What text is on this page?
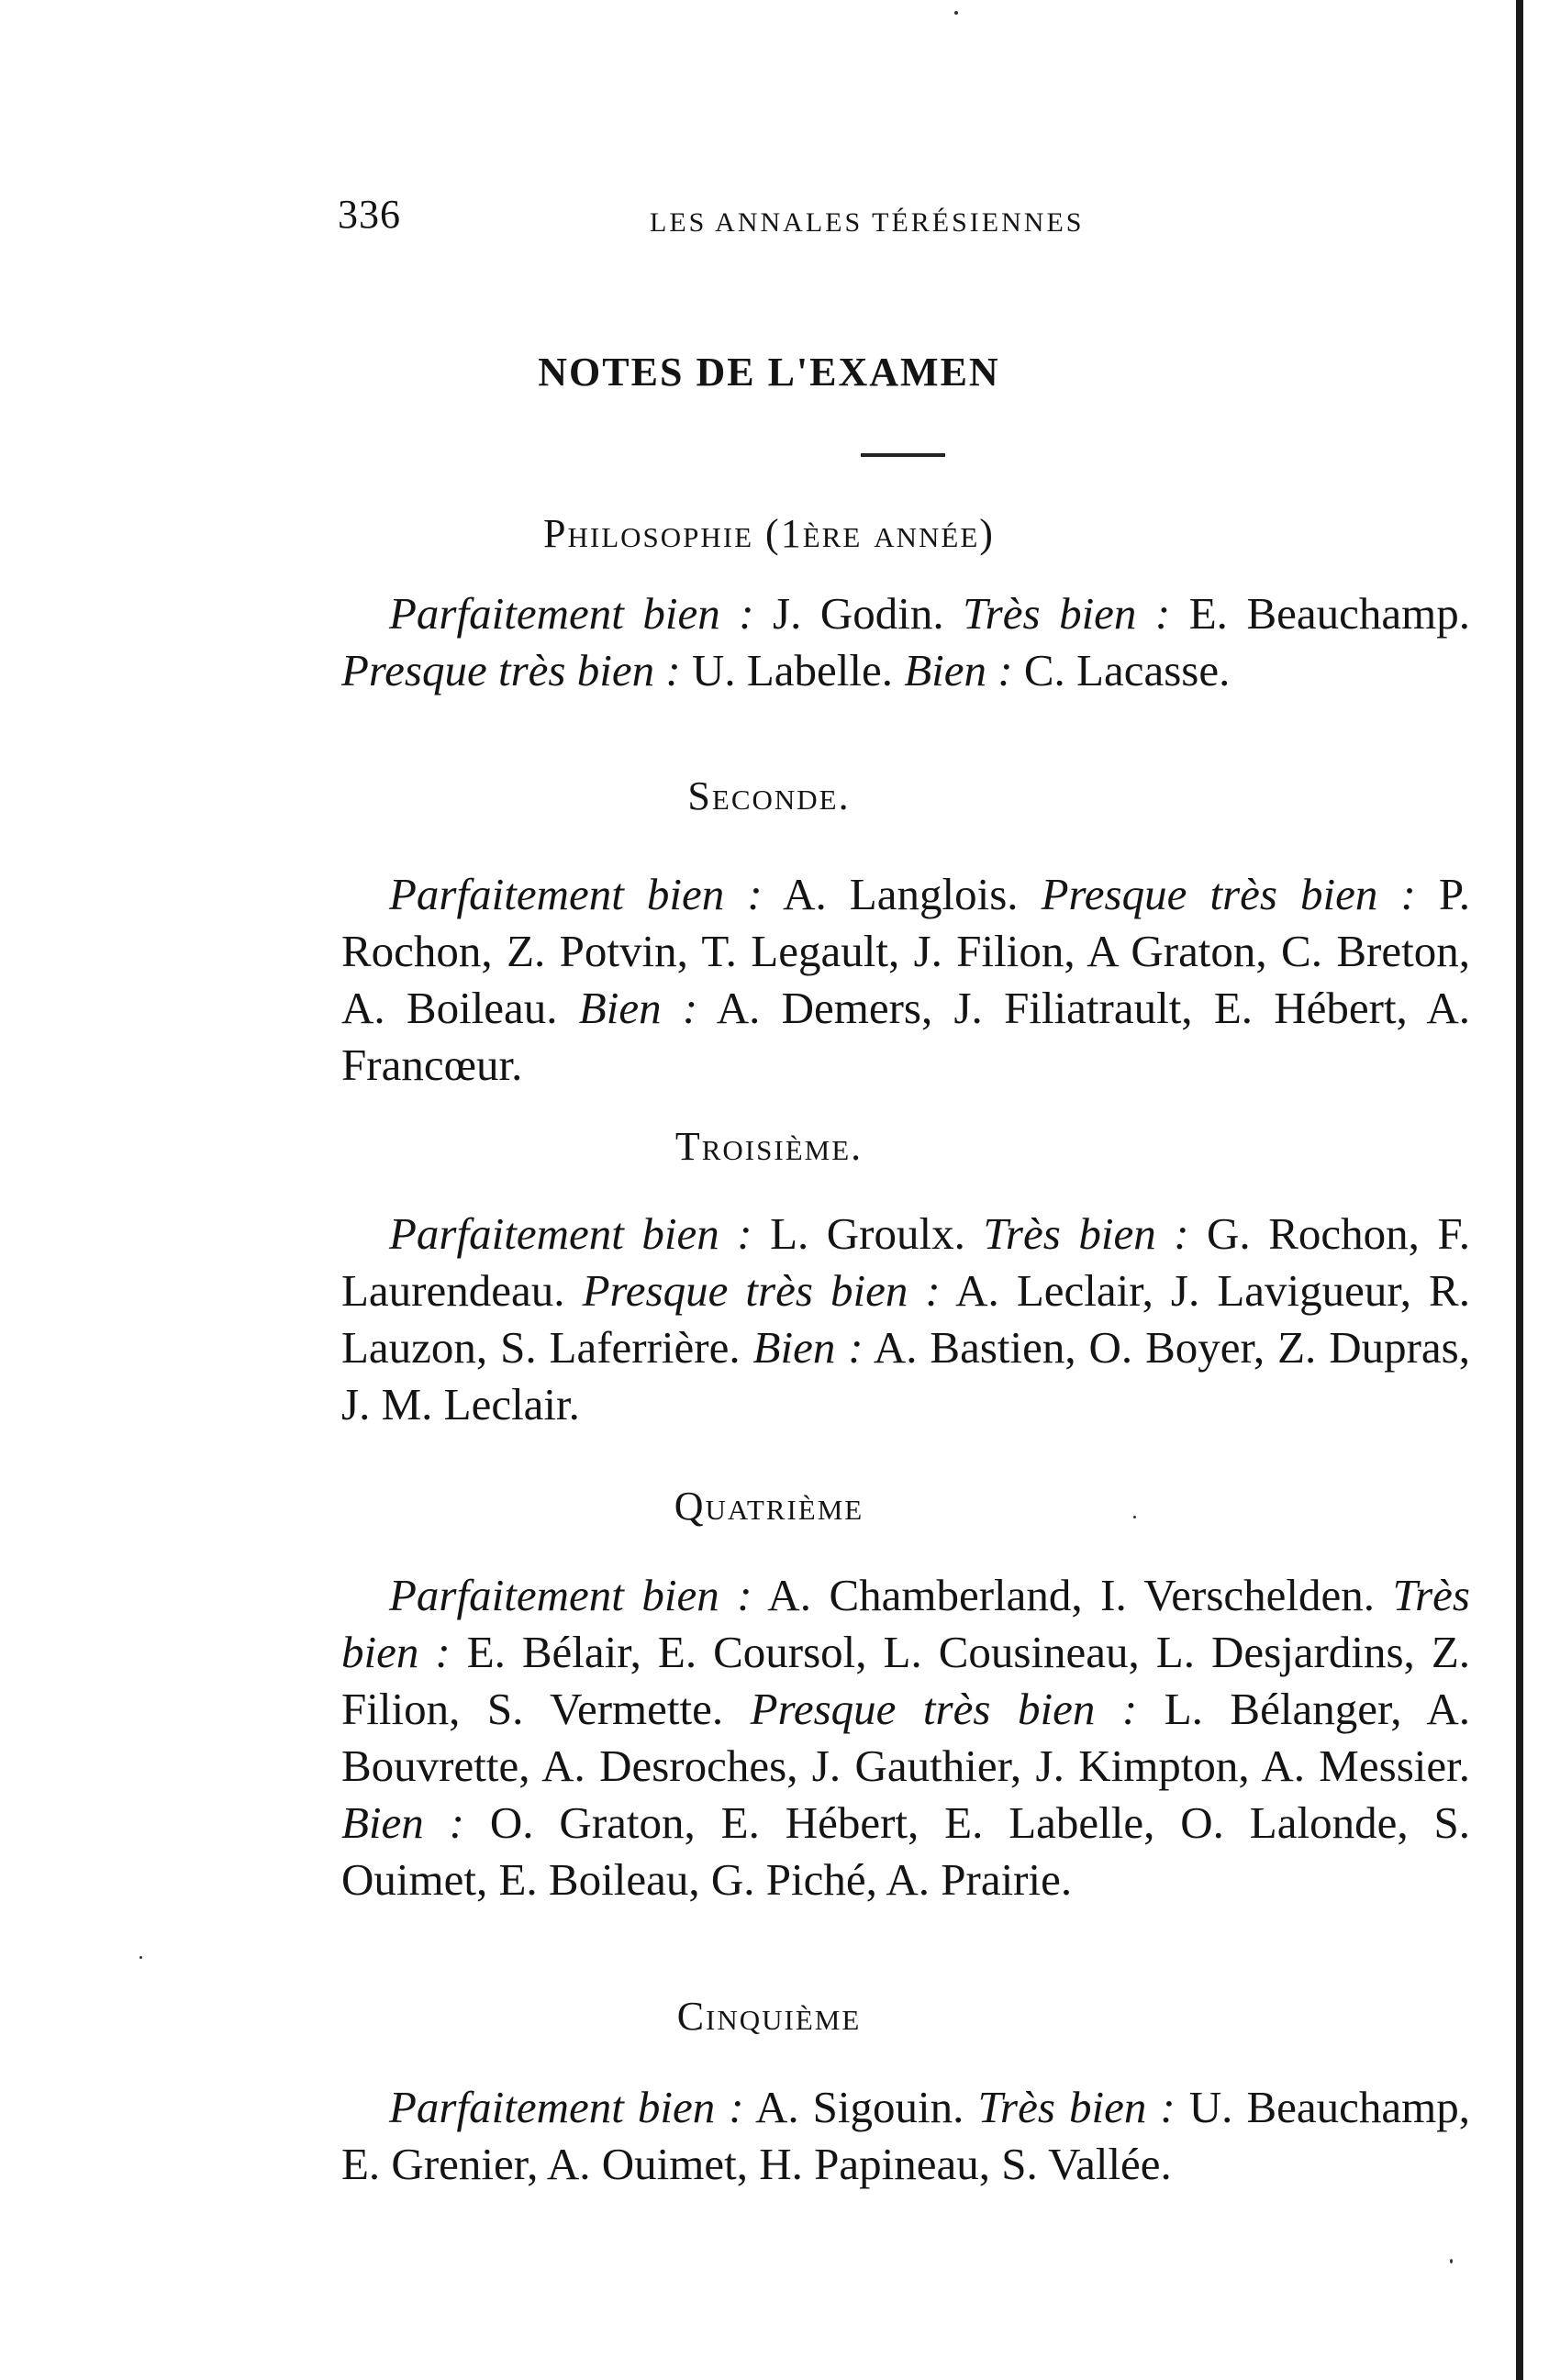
336	LES ANNALES TÉRÉSIENNES
NOTES DE L'EXAMEN
Philosophie (1ère année)

Parfaitement bien : J. Godin. Très bien : E. Beauchamp. Presque très bien : U. Labelle. Bien : C. Lacasse.

Seconde.

Parfaitement bien : A. Langlois. Presque très bien : P. Rochon, Z. Potvin, T. Legault, J. Filion, A Graton, C. Breton, A. Boileau. Bien : A. Demers, J. Filiatrault, E. Hébert, A. Francœur.

Troisième.

Parfaitement bien : L. Groulx. Très bien : G. Rochon, F. Laurendeau. Presque très bien : A. Leclair, J. Lavigueur, R. Lauzon, S. Laferrière. Bien : A. Bastien, O. Boyer, Z. Dupras, J. M. Leclair.

Quatrième

Parfaitement bien : A. Chamberland, I. Verschelden. Très bien : E. Bélair, E. Coursol, L. Cousineau, L. Desjardins, Z. Filion, S. Vermette. Presque très bien : L. Bélanger, A. Bouvrette, A. Desroches, J. Gauthier, J. Kimpton, A. Messier. Bien : O. Graton, E. Hébert, E. Labelle, O. Lalonde, S. Ouimet, E. Boileau, G. Piché, A. Prairie.

Cinquième

Parfaitement bien : A. Sigouin. Très bien : U. Beauchamp, E. Grenier, A. Ouimet, H. Papineau, S. Vallée.
